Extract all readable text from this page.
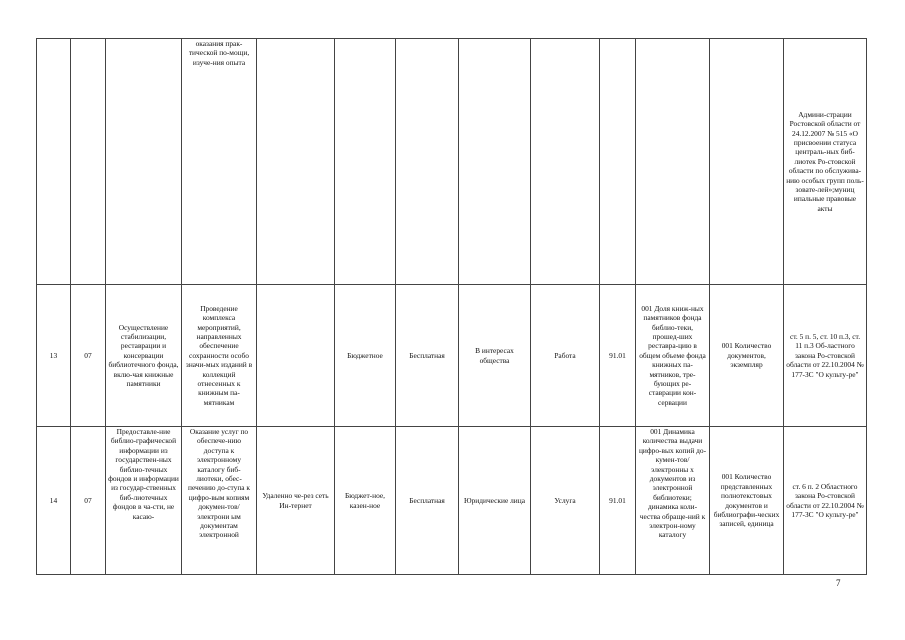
			оказания прак-тической по-мощи, изуче-ния опыта									Админи-страции Ростовской области от 24.12.2007 № 515 «О присвоении статуса централь-ных биб-лиотек Ро-стовской области по обслужива-нию особых групп поль-зовате-лей»;муниц ипальные правовые акты

13	07	Осуществление стабилизации, реставрации и консервации библиотечного фонда, вклю-чая книжные памятники	Проведение комплекса мероприятий, направленных обеспечение сохранности особо значи-мых изданий в коллекций отнесенных к книжным па-мятникам		Бюджетное	Бесплатная	В интересах общества	Работа	91.01	001 Доля книж-ных памятников фонда библио-теки, прошед-ших реставра-цию в общем объеме фонда книжных па-мятников, тре-бующих ре-ставрации кон-сервации	001 Количество документов, экземпляр	ст. 5 п. 5, ст. 10 п.3, ст. 11 п.3 Об-ластного закона Ро-стовской области от 22.10.2004 № 177-ЗС "О культу-ре"

14	07	Предоставле-ние библио-графической информации из государствен-ных библио-течных фондов и информации из государ-ственных биб-лиотечных фондов в ча-сти, не касаю-	Оказание услуг по обеспече-нию доступа к электронному каталогу биб-лиотеки, обес-печению до-ступа к цифро-вым копиям докумен-тов/электрони ым документам электронной	Удаленно че-рез сеть Ин-тернет	Бюджет-ное, казен-ное	Бесплатная	Юридические лица	Услуга	91.01	001 Динамика количества выдачи цифро-вых копий до-кумен-тов/электронны х документов из электронной библиотеки; динамика коли-чества обраще-ний к электрон-ному каталогу	001 Количество представленных полнотекстовых документов и библиографи-ческих записей, единица	ст. 6 п. 2 Областного закона Ро-стовской области от 22.10.2004 № 177-ЗС "О культу-ре"
7
